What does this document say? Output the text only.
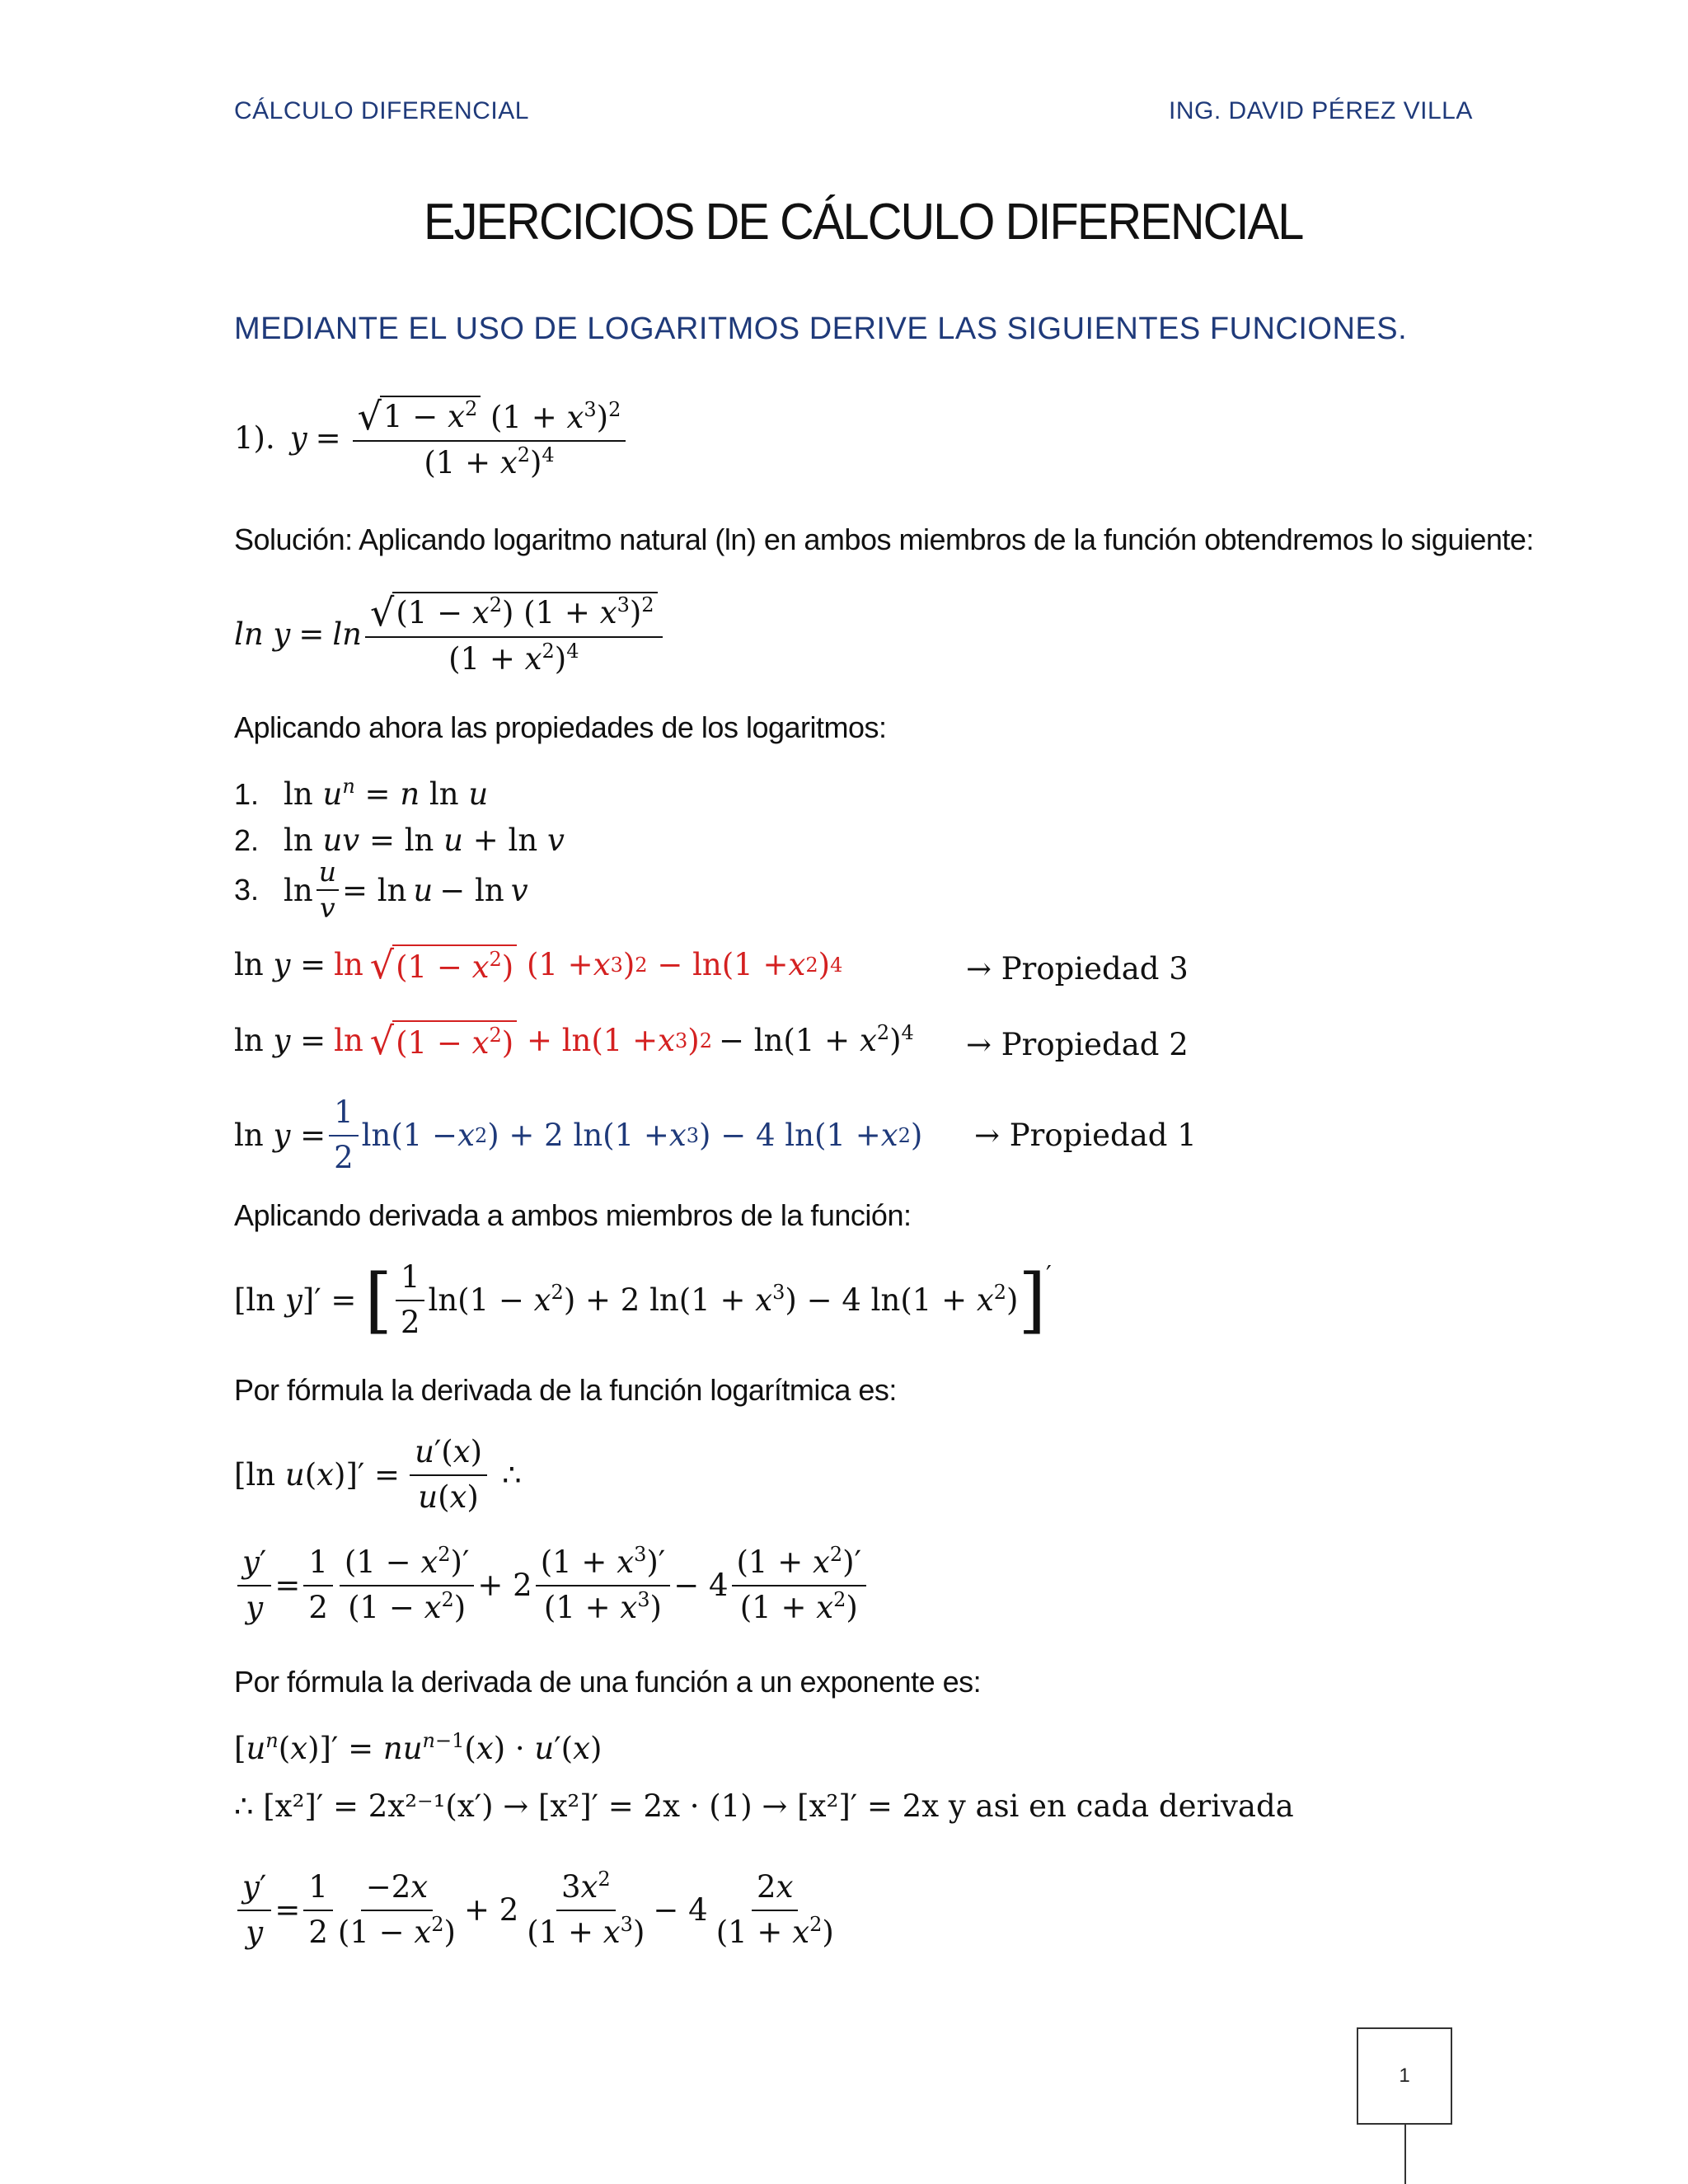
CÁLCULO DIFERENCIAL	ING. DAVID PÉREZ VILLA
EJERCICIOS DE CÁLCULO DIFERENCIAL
MEDIANTE EL USO DE LOGARITMOS DERIVE LAS SIGUIENTES FUNCIONES.
1). $y = \frac{√ 1 - x^2 (1 + x^3)^2}{(1 + x^2)^4}$
Solución: Aplicando logaritmo natural (ln) en ambos miembros de la función obtendremos lo siguiente:
$\ln y = \ln \frac{√ (1 - x^2) (1 + x^3)^2}{(1 + x^2)^4}$
Aplicando ahora las propiedades de los logaritmos:
1. $\ln u^n = n$ ln u
2. ln uv = ln u + ln v
3. $\ln \frac{u}{v} = \ln u - \ln v$
ln y = ln √ $(1 - x^2)$ (1 + x 3 ) 2 − ln(1 + x 2 ) 4	→ Propiedad 3
ln y = ln √ $(1 - x^2) + \ln(1 + x$ 3 ) $2 - \ln(1 + x^2)^4$ → Propiedad 2
$\ln y = \frac{1}{2} \ln(1 - x$ 2 ) + 2 ln(1 + x 3 ) − 4 ln(1 + x 2 ) → Propiedad 1
Aplicando derivada a ambos miembros de la función:
[ln y]′ = [ $\frac{1}{2} \ln(1 - x^2) + 2$ $\ln(1 + x^3) - 4$ $\ln(1 + x^2)$ ] ′
Por fórmula la derivada de la función logarítmica es:
[ln $u(x)]' = \frac{u'(x)}{u(x)}$ ∴
$\frac{y'}{y} = \frac{1}{2} \frac{(1 - x^2)'}{(1 - x^2)} + 2 \frac{(1 + x^3)'}{(1 + x^3)} - 4 \frac{(1 + x^2)'}{(1 + x^2)}$
Por fórmula la derivada de una función a un exponente es:
$[u^n(x)]' = nu^{n-1}(x) \cdot u'(x)$
∴ [x²]′ = 2x²⁻¹(x′) → [x²]′ = 2x · (1) → [x²]′ = 2x y asi en cada derivada
$\frac{y'}{y} = \frac{1}{2} \frac{-2x}{(1 - x^2)} + 2 \frac{3x^2}{(1 + x^3)} - 4 \frac{2x}{(1 + x^2)}$
1
